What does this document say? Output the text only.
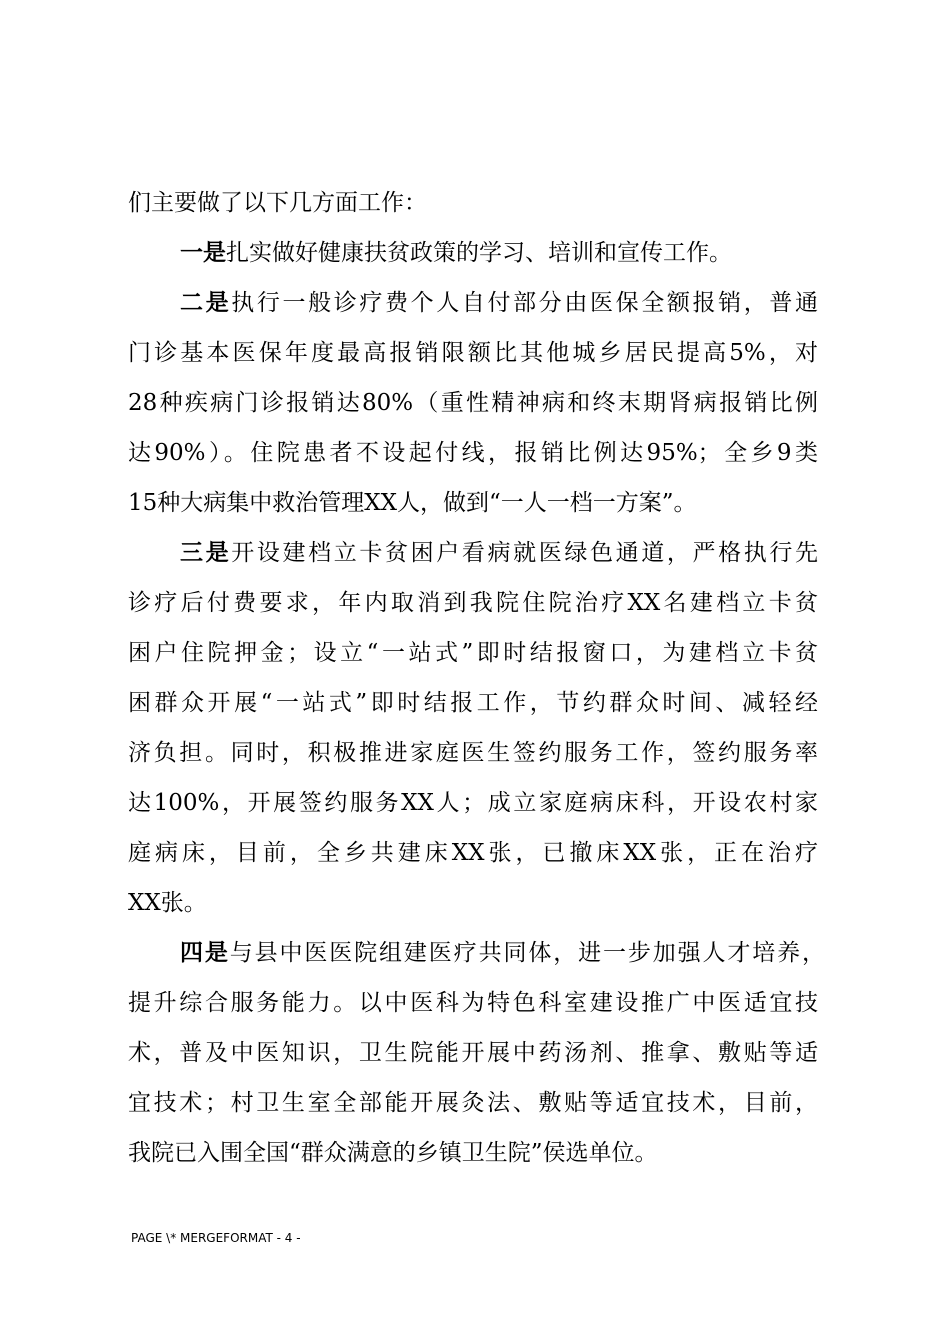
们主要做了以下几方面工作：

一是扎实做好健康扶贫政策的学习、培训和宣传工作。

二是执行一般诊疗费个人自付部分由医保全额报销，普通

门诊基本医保年度最高报销限额比其他城乡居民提高5%，对

28种疾病门诊报销达80%（重性精神病和终末期肾病报销比例

达90%）。住院患者不设起付线，报销比例达95%；全乡9类

15种大病集中救治管理XX人，做到“一人一档一方案”。

三是开设建档立卡贫困户看病就医绿色通道，严格执行先

诊疗后付费要求，年内取消到我院住院治疗XX名建档立卡贫

困户住院押金；设立“一站式”即时结报窗口，为建档立卡贫

困群众开展“一站式”即时结报工作，节约群众时间、减轻经

济负担。同时，积极推进家庭医生签约服务工作，签约服务率

达100%，开展签约服务XX人；成立家庭病床科，开设农村家

庭病床，目前，全乡共建床XX张，已撤床XX张，正在治疗

XX张。

四是与县中医医院组建医疗共同体，进一步加强人才培养，

提升综合服务能力。以中医科为特色科室建设推广中医适宜技

术，普及中医知识，卫生院能开展中药汤剂、推拿、敷贴等适

宜技术；村卫生室全部能开展灸法、敷贴等适宜技术，目前，

我院已入围全国“群众满意的乡镇卫生院”侯选单位。

PAGE \* MERGEFORMAT - 4 -
